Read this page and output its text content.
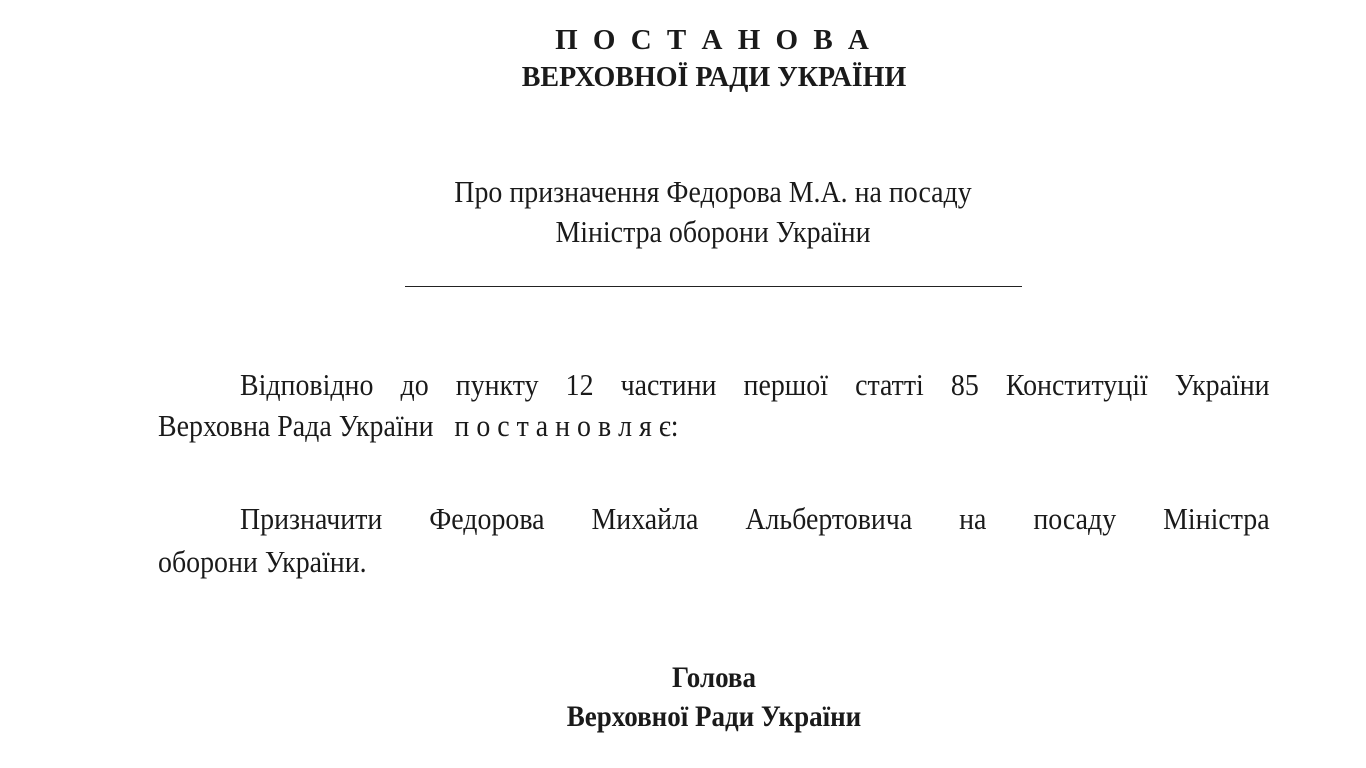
П О С Т А Н О В А
ВЕРХОВНОЇ РАДИ УКРАЇНИ
Про призначення Федорова М.А. на посаду
Міністра оборони України
Відповідно до пункту 12 частини першої статті 85 Конституції України
Верховна Рада України   п о с т а н о в л я є:
Призначити Федорова Михайла Альбертовича на посаду Міністра
оборони України.
Голова
Верховної Ради України
